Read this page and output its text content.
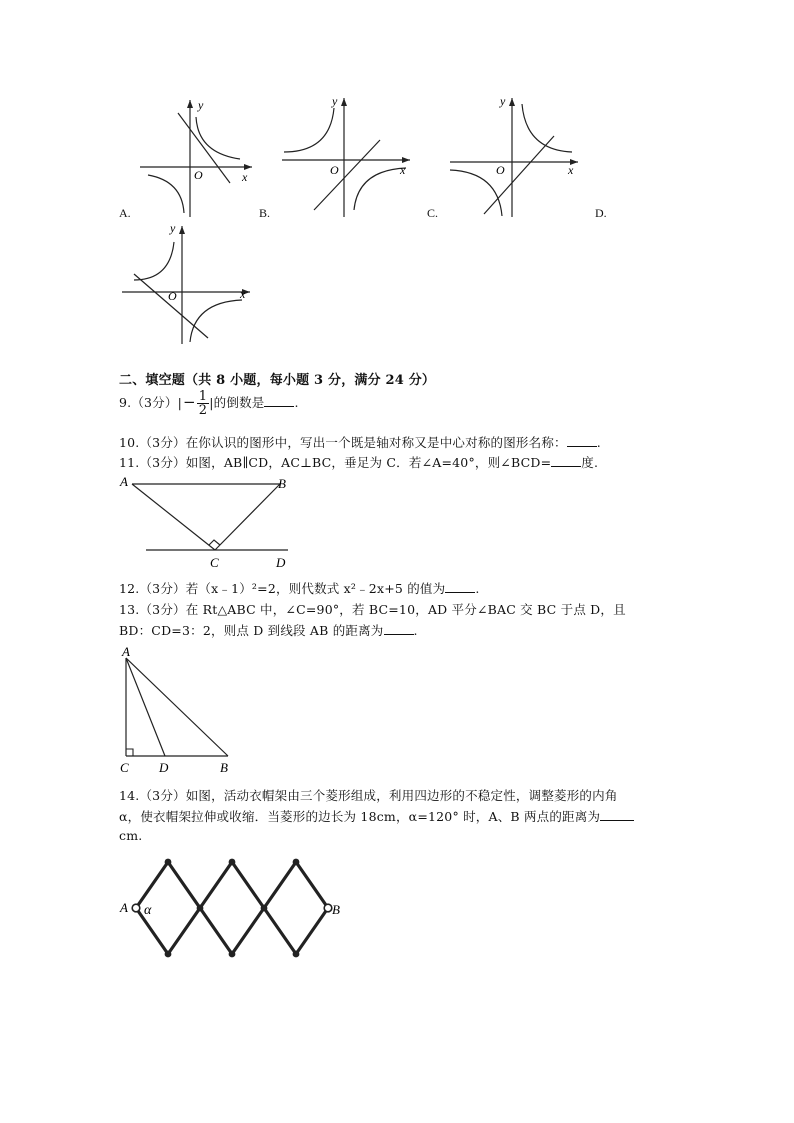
y
x
O
A.
y
x
O
B.
y
x
O
C.	D.
y
x
O
二、填空题（共 8 小题，每小题 3 分，满分 24 分）
9.（3分）|− $\frac{1}{2}$ |的倒数是 .
10.（3分）在你认识的图形中，写出一个既是轴对称又是中心对称的图形名称： .
11.（3分）如图，AB∥CD，AC⊥BC，垂足为 C．若∠A=40°，则∠BCD= 度.
A	B
C	D
12.（3分）若（x﹣1）²=2，则代数式 x²﹣2x+5 的值为 .
13.（3分）在 Rt△ABC 中，∠C=90°，若 BC=10，AD 平分∠BAC 交 BC 于点 D，且
BD：CD=3：2，则点 D 到线段 AB 的距离为 .
A
C D	B
14.（3分）如图，活动衣帽架由三个菱形组成，利用四边形的不稳定性，调整菱形的内角
α，使衣帽架拉伸或收缩．当菱形的边长为 18cm，α=120° 时，A、B 两点的距离为
cm.
A α	B
